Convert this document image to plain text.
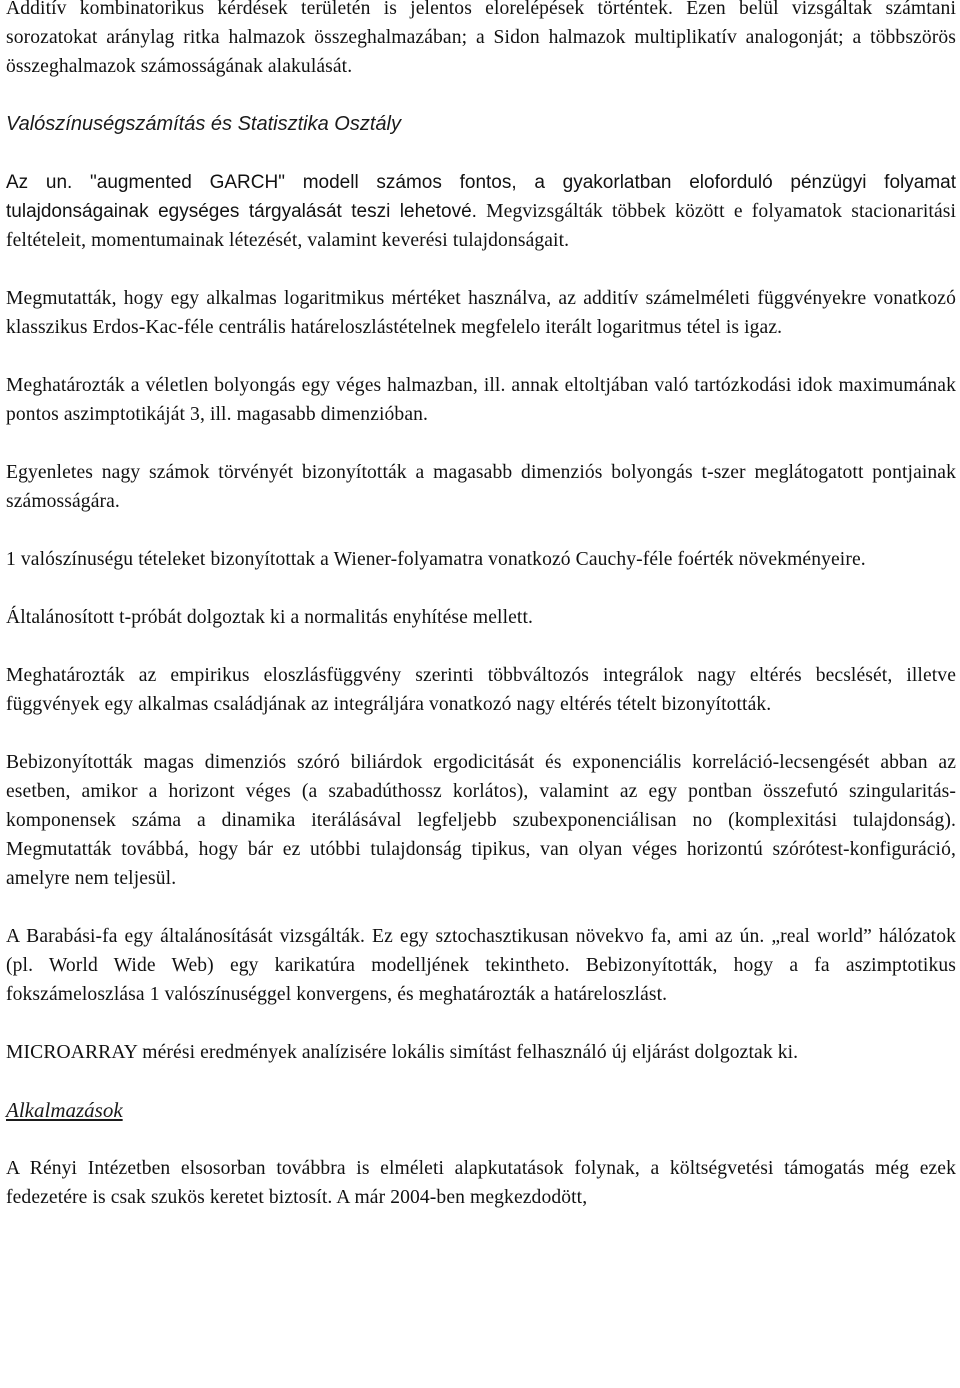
Additív kombinatorikus kérdések területén is jelentos elorelépések történtek. Ezen belül vizsgáltak számtani sorozatokat aránylag ritka halmazok összeghalmazában; a Sidon halmazok multiplikatív analogonját; a többszörös összeghalmazok számosságának alakulását.

Valószínuségszámítás és Statisztika Osztály

Az un. "augmented GARCH" modell számos fontos, a gyakorlatban eloforduló pénzügyi folyamat tulajdonságainak egységes tárgyalását teszi lehetové. Megvizsgálták többek között e folyamatok stacionaritási feltételeit, momentumainak létezését, valamint keverési tulajdonságait.

Megmutatták, hogy egy alkalmas logaritmikus mértéket használva, az additív számelméleti függvényekre vonatkozó klasszikus Erdos-Kac-féle centrális határeloszlástételnek megfelelo iterált logaritmus tétel is igaz.

Meghatározták a véletlen bolyongás egy véges halmazban, ill. annak eltoltjában való tartózkodási idok maximumának pontos aszimptotikáját 3, ill. magasabb dimenzióban.

Egyenletes nagy számok törvényét bizonyították a magasabb dimenziós bolyongás t-szer meglátogatott pontjainak számosságára.

1 valószínuségu tételeket bizonyítottak a Wiener-folyamatra vonatkozó Cauchy-féle foérték növekményeire.

Általánosított t-próbát dolgoztak ki a normalitás enyhítése mellett.

Meghatározták az empirikus eloszlásfüggvény szerinti többváltozós integrálok nagy eltérés becslését, illetve függvények egy alkalmas családjának az integráljára vonatkozó nagy eltérés tételt bizonyították.

Bebizonyították magas dimenziós szóró biliárdok ergodicitását és exponenciális korreláció-lecsengését abban az esetben, amikor a horizont véges (a szabadúthossz korlátos), valamint az egy pontban összefutó szingularitás-komponensek száma a dinamika iterálásával legfeljebb szubexponenciálisan no (komplexitási tulajdonság). Megmutatták továbbá, hogy bár ez utóbbi tulajdonság tipikus, van olyan véges horizontú szórótest-konfiguráció, amelyre nem teljesül.

A Barabási-fa egy általánosítását vizsgálták. Ez egy sztochasztikusan növekvo fa, ami az ún. „real world” hálózatok (pl. World Wide Web) egy karikatúra modelljének tekintheto. Bebizonyították, hogy a fa aszimptotikus fokszámeloszlása 1 valószínuséggel konvergens, és meghatározták a határeloszlást.

MICROARRAY mérési eredmények analízisére lokális simítást felhasználó új eljárást dolgoztak ki.

Alkalmazások

A Rényi Intézetben elsosorban továbbra is elméleti alapkutatások folynak, a költségvetési támogatás még ezek fedezetére is csak szukös keretet biztosít. A már 2004-ben megkezdodött,
